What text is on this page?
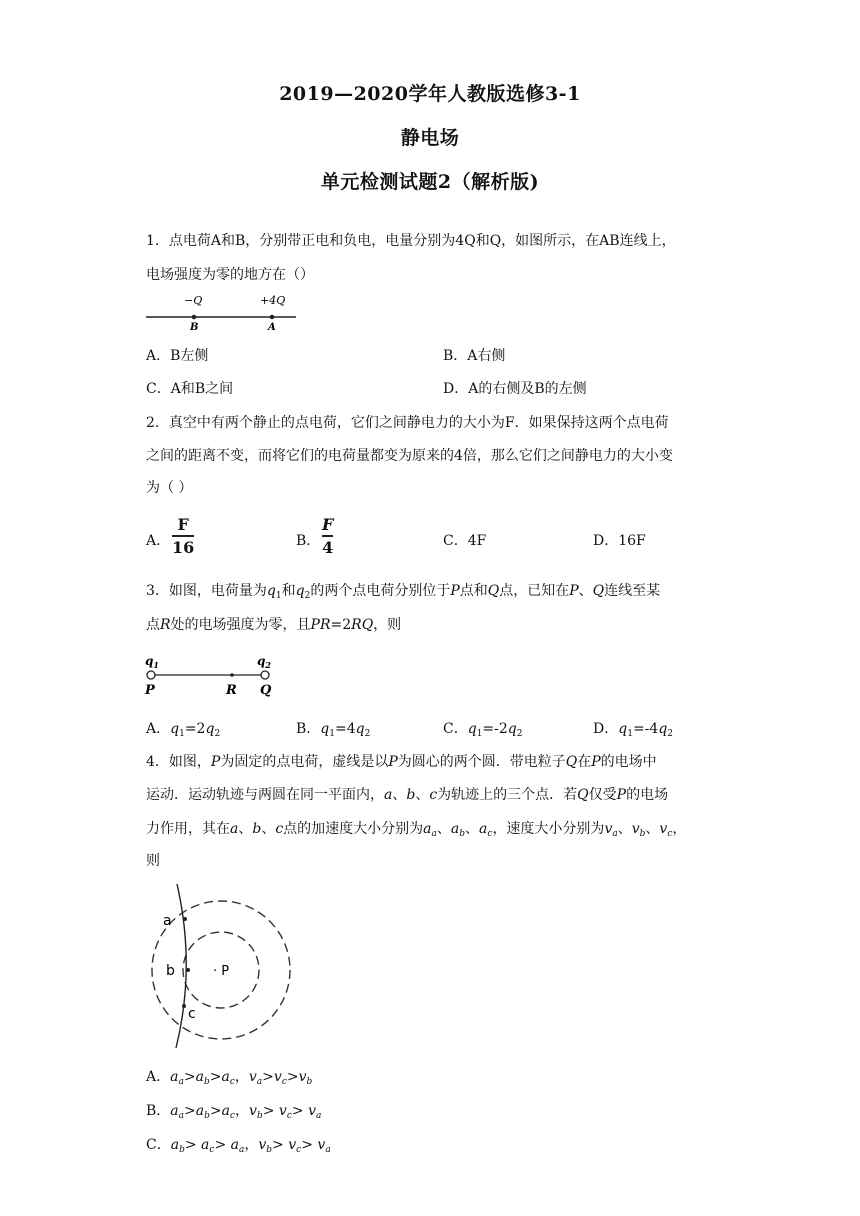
2019—2020学年人教版选修3-1
静电场
单元检测试题2（解析版)
1．点电荷A和B，分别带正电和负电，电量分别为4Q和Q，如图所示，在AB连线上，
电场强度为零的地方在（）
−Q	+4Q
B	A
A．B左侧	B．A右侧
C．A和B之间	D．A的右侧及B的左侧
2．真空中有两个静止的点电荷，它们之间静电力的大小为F．如果保持这两个点电荷
之间的距离不变，而将它们的电荷量都变为原来的4倍，那么它们之间静电力的大小变
为（ ）
A．
F
16	B．
F
4	C．4F	D．16F
3．如图，电荷量为$q_1$和$q_2$的两个点电荷分别位于P点和Q点，已知在P、Q连线至某
点R处的电场强度为零，且PR=2RQ，则
$q_1$	$q_2$
P	R Q
A．$q_1=2q_2$	B．$q_1=4q_2$	C．$q_1=-2q_2$	D．$q_1=-4q_2$
4．如图，P为固定的点电荷，虚线是以P为圆心的两个圆．带电粒子Q在P的电场中
运动．运动轨迹与两圆在同一平面内，a、b、c为轨迹上的三个点．若Q仅受P的电场
力作用，其在a、b、c点的加速度大小分别为$a_a$、$a_b$、$a_c$，速度大小分别为$v_a$、$v_b$、$v_c$，
则
a
b
c
· P
A．$a_a>a_b>a_c$，$v_a>v_c>v_b$
B．$a_a>a_b>a_c$，$v_b> v_c> v_a$
C．$a_b> a_c> a_a$，$v_b> v_c> v_a$
